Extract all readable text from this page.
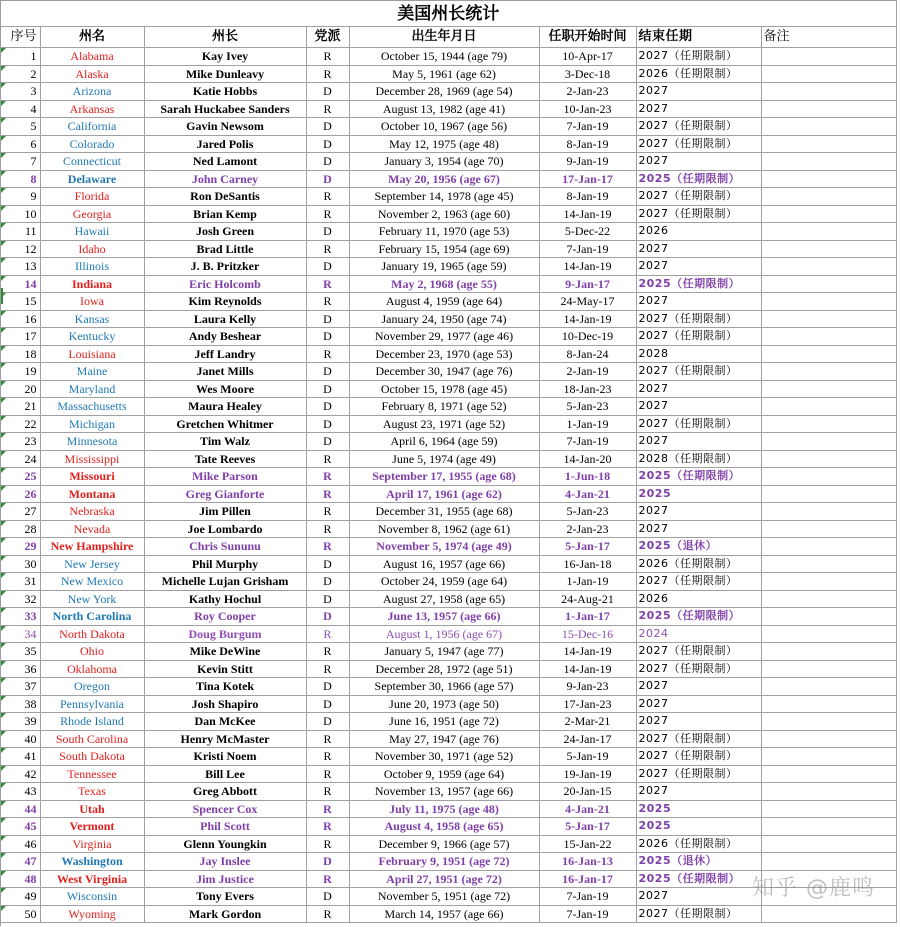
美国州长统计							
序号	州名	州长	党派	出生年月日	任职开始时间	结束任期	备注
1	Alabama	Kay Ivey	R	October 15, 1944 (age 79)	10-Apr-17	2027（任期限制）	
2	Alaska	Mike Dunleavy	R	May 5, 1961 (age 62)	3-Dec-18	2026（任期限制）	
3	Arizona	Katie Hobbs	D	December 28, 1969 (age 54)	2-Jan-23	2027	
4	Arkansas	Sarah Huckabee Sanders	R	August 13, 1982 (age 41)	10-Jan-23	2027	
5	California	Gavin Newsom	D	October 10, 1967 (age 56)	7-Jan-19	2027（任期限制）	
6	Colorado	Jared Polis	D	May 12, 1975 (age 48)	8-Jan-19	2027（任期限制）	
7	Connecticut	Ned Lamont	D	January 3, 1954 (age 70)	9-Jan-19	2027	
8	Delaware	John Carney	D	May 20, 1956 (age 67)	17-Jan-17	2025（任期限制）	
9	Florida	Ron DeSantis	R	September 14, 1978 (age 45)	8-Jan-19	2027（任期限制）	
10	Georgia	Brian Kemp	R	November 2, 1963 (age 60)	14-Jan-19	2027（任期限制）	
11	Hawaii	Josh Green	D	February 11, 1970 (age 53)	5-Dec-22	2026	
12	Idaho	Brad Little	R	February 15, 1954 (age 69)	7-Jan-19	2027	
13	Illinois	J. B. Pritzker	D	January 19, 1965 (age 59)	14-Jan-19	2027	
14	Indiana	Eric Holcomb	R	May 2, 1968 (age 55)	9-Jan-17	2025（任期限制）	
15	Iowa	Kim Reynolds	R	August 4, 1959 (age 64)	24-May-17	2027	
16	Kansas	Laura Kelly	D	January 24, 1950 (age 74)	14-Jan-19	2027（任期限制）	
17	Kentucky	Andy Beshear	D	November 29, 1977 (age 46)	10-Dec-19	2027（任期限制）	
18	Louisiana	Jeff Landry	R	December 23, 1970 (age 53)	8-Jan-24	2028	
19	Maine	Janet Mills	D	December 30, 1947 (age 76)	2-Jan-19	2027（任期限制）	
20	Maryland	Wes Moore	D	October 15, 1978 (age 45)	18-Jan-23	2027	
21	Massachusetts	Maura Healey	D	February 8, 1971 (age 52)	5-Jan-23	2027	
22	Michigan	Gretchen Whitmer	D	August 23, 1971 (age 52)	1-Jan-19	2027（任期限制）	
23	Minnesota	Tim Walz	D	April 6, 1964 (age 59)	7-Jan-19	2027	
24	Mississippi	Tate Reeves	R	June 5, 1974 (age 49)	14-Jan-20	2028（任期限制）	
25	Missouri	Mike Parson	R	September 17, 1955 (age 68)	1-Jun-18	2025（任期限制）	
26	Montana	Greg Gianforte	R	April 17, 1961 (age 62)	4-Jan-21	2025	
27	Nebraska	Jim Pillen	R	December 31, 1955 (age 68)	5-Jan-23	2027	
28	Nevada	Joe Lombardo	R	November 8, 1962 (age 61)	2-Jan-23	2027	
29	New Hampshire	Chris Sununu	R	November 5, 1974 (age 49)	5-Jan-17	2025（退休）	
30	New Jersey	Phil Murphy	D	August 16, 1957 (age 66)	16-Jan-18	2026（任期限制）	
31	New Mexico	Michelle Lujan Grisham	D	October 24, 1959 (age 64)	1-Jan-19	2027（任期限制）	
32	New York	Kathy Hochul	D	August 27, 1958 (age 65)	24-Aug-21	2026	
33	North Carolina	Roy Cooper	D	June 13, 1957 (age 66)	1-Jan-17	2025（任期限制）	
34	North Dakota	Doug Burgum	R	August 1, 1956 (age 67)	15-Dec-16	2024	
35	Ohio	Mike DeWine	R	January 5, 1947 (age 77)	14-Jan-19	2027（任期限制）	
36	Oklahoma	Kevin Stitt	R	December 28, 1972 (age 51)	14-Jan-19	2027（任期限制）	
37	Oregon	Tina Kotek	D	September 30, 1966 (age 57)	9-Jan-23	2027	
38	Pennsylvania	Josh Shapiro	D	June 20, 1973 (age 50)	17-Jan-23	2027	
39	Rhode Island	Dan McKee	D	June 16, 1951 (age 72)	2-Mar-21	2027	
40	South Carolina	Henry McMaster	R	May 27, 1947 (age 76)	24-Jan-17	2027（任期限制）	
41	South Dakota	Kristi Noem	R	November 30, 1971 (age 52)	5-Jan-19	2027（任期限制）	
42	Tennessee	Bill Lee	R	October 9, 1959 (age 64)	19-Jan-19	2027（任期限制）	
43	Texas	Greg Abbott	R	November 13, 1957 (age 66)	20-Jan-15	2027	
44	Utah	Spencer Cox	R	July 11, 1975 (age 48)	4-Jan-21	2025	
45	Vermont	Phil Scott	R	August 4, 1958 (age 65)	5-Jan-17	2025	
46	Virginia	Glenn Youngkin	R	December 9, 1966 (age 57)	15-Jan-22	2026（任期限制）	
47	Washington	Jay Inslee	D	February 9, 1951 (age 72)	16-Jan-13	2025（退休）	
48	West Virginia	Jim Justice	R	April 27, 1951 (age 72)	16-Jan-17	2025（任期限制）	
49	Wisconsin	Tony Evers	D	November 5, 1951 (age 72)	7-Jan-19	2027	
50	Wyoming	Mark Gordon	R	March 14, 1957 (age 66)	7-Jan-19	2027（任期限制）	
知乎 @鹿鸣
